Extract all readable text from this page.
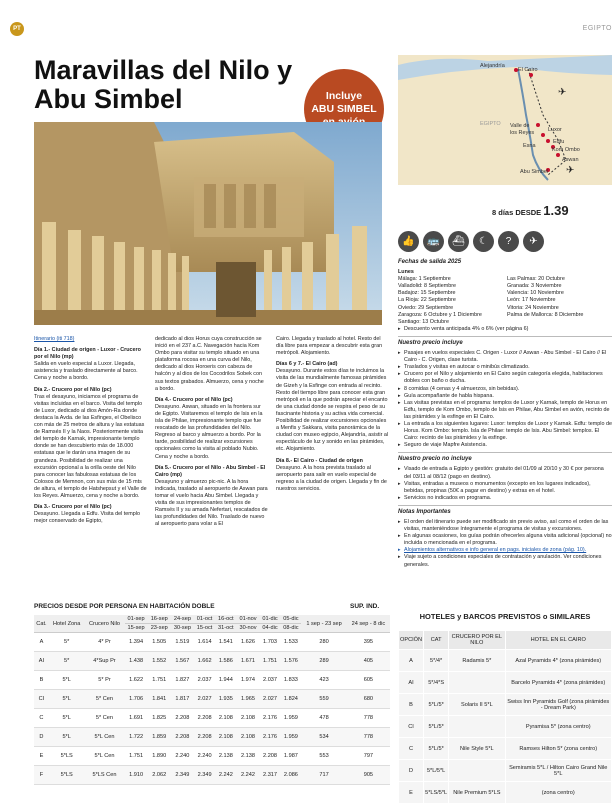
PT	EGIPTO
Maravillas del Nilo y Abu Simbel	Incluye
ABU SIMBEL
Alejandría
El Cairo
Valle de
los Reyes
Esna
Luxor
Edfu
Kom Ombo
Aswan
Abu Simbel
EGIPTO
✈
✈
8 días DESDE 1.39
👍	🚌	⛴	☾	?	✈

Itinerario (iti 718)

Día 1.- Ciudad de origen - Luxor - Crucero por el Nilo (mp)
Salida en vuelo especial a Luxor. Llegada, asistencia y traslado directamente al barco. Cena y noche a bordo.

Día 2.- Crucero por el Nilo (pc)
Tras el desayuno, iniciamos el programa de visitas incluidas en el barco. Visita del templo de Luxor, dedicado al dios Amón-Ra donde destaca la Avda. de las Esfinges, el Obelisco con más de 25 metros de altura y las estatuas de Ramsés II y la Naos. Posteriormente visita del templo de Karnak, impresionante templo donde se han descubierto más de 18.000 estatuas que le darán una imagen de su grandeza. Posibilidad de realizar una excursión opcional a la orilla oeste del Nilo para conocer las fabulosas estatuas de los Colosos de Memnon, con sus más de 15 mts de altura, el templo de Hatshepsut y el Valle de los Reyes. Almuerzo, cena y noche a bordo.

Día 3.- Crucero por el Nilo (pc)
Desayuno. Llegada a Edfu. Visita del templo mejor conservado de Egipto,

dedicado al dios Horus cuya construcción se inició en el 237 a.C. Navegación hacia Kom Ombo para visitar su templo situado en una plataforma rocosa en una curva del Nilo, dedicado al dios Horoeris con cabeza de halcón y al dios de los Cocodrilos Sobek con sus textos grabados. Almuerzo, cena y noche a bordo.

Día 4.- Crucero por el Nilo (pc)
Desayuno. Aswan, situado en la frontera sur de Egipto. Visitaremos el templo de Isis en la isla de Philae, impresionante templo que fue rescatado de las profundidades del Nilo. Regreso al barco y almuerzo a bordo. Por la tarde, posibilidad de realizar excursiones opcionales como la visita al poblado Nubio. Cena y noche a bordo.

Día 5.- Crucero por el Nilo - Abu Simbel - El Cairo (mp)
Desayuno y almuerzo pic-nic. A la hora indicada, traslado al aeropuerto de Aswan para tomar el vuelo hacia Abu Simbel. Llegada y visita de sus impresionantes templos de Ramsés II y su amada Nefertari, rescatados de las profundidades del Nilo. Traslado de nuevo al aeropuerto para volar a El

Cairo. Llegada y traslado al hotel. Resto del día libre para empezar a descubrir esta gran metrópoli. Alojamiento.

Días 6 y 7.- El Cairo (ad)
Desayuno. Durante estos días te incluimos la visita de las mundialmente famosas pirámides de Gizeh y la Esfinge con entrada al recinto. Resto del tiempo libre para conocer esta gran metrópoli en la que podrán apreciar el encanto de una ciudad donde se respira el peso de su fascinante historia y su activa vida comercial. Posibilidad de realizar excursiones opcionales a Menfis y Sakkara, visita panorámica de la ciudad con museo egipcio, Alejandría, asistir al espectáculo de luz y sonido en las pirámides, etc. Alojamiento.

Día 8.- El Cairo - Ciudad de origen
Desayuno. A la hora prevista traslado al aeropuerto para salir en vuelo especial de regreso a la ciudad de origen. Llegada y fin de nuestros servicios.

Fechas de salida 2025
Lunes
Málaga: 1 Septiembre	Las Palmas: 20 Octubre
Valladolid: 8 Septiembre	Granada: 3 Noviembre
Badajoz: 15 Septiembre	Valencia: 10 Noviembre
La Rioja: 22 Septiembre	León: 17 Noviembre
Oviedo: 29 Septiembre	Vitoria: 24 Noviembre
Zaragoza: 6 Octubre y 1 Diciembre	Palma de Mallorca: 8 Diciembre
Santiago: 13 Octubre
▸ Descuento venta anticipada 4% o 6% (ver página 6)
Nuestro precio incluye
▸ Pasajes en vuelos especiales C. Origen - Luxor // Aswan - Abu Simbel - El Cairo // El Cairo - C. Origen, clase turista.
▸ Traslados y visitas en autocar o minibús climatizado.
▸ Crucero por el Nilo y alojamiento en El Cairo según categoría elegida, habitaciones dobles con baño o ducha.
▸ 8 comidas (4 cenas y 4 almuerzos, sin bebidas).
▸ Guía acompañante de habla hispana.
▸ Las visitas previstas en el programa: templos de Luxor y Karnak, templo de Horus en Edfu, templo de Kom Ombo, templo de Isis en Philae, Abu Simbel en avión, recinto de las pirámides y la esfinge en El Cairo.
▸ La entrada a los siguientes lugares: Luxor: templos de Luxor y Karnak. Edfu: templo de Horus. Kom Ombo: templo. Isla de Philae: templo de Isis. Abu Simbel: templos. El Cairo: recinto de las pirámides y la esfinge.
▸ Seguro de viaje Mapfre Asistencia.
Nuestro precio no incluye
▸ Visado de entrada a Egipto y gestión: gratuito del 01/09 al 20/10 y 30 € por persona del 03/11 al 08/12 (pago en destino).
▸ Visitas, entradas a museos o monumentos (excepto en los lugares indicados), bebidas, propinas (50€ a pagar en destino) y extras en el hotel.
▸ Servicios no indicados en programa.
Notas Importantes
▸ El orden del itinerario puede ser modificado sin previo aviso, así como el orden de las visitas, manteniéndose íntegramente el programa de visitas y excursiones.
▸ En algunas ocasiones, los guías podrán ofrecerles alguna visita adicional (opcional) no incluida o mencionada en el programa.
▸ Alojamientos alternativos e info general en pags. iniciales de zona (pág. 10).
▸ Viaje sujeto a condiciones especiales de contratación y anulación. Ver condiciones generales.
PRECIOS DESDE POR PERSONA EN HABITACIÓN DOBLE	SUP. IND.
Cat.	Hotel Zona	Crucero Nilo	01-sep	16-sep	24-sep	01-oct	16-oct	01-nov	01-dic	05-dic	1 sep - 23 sep	24 sep - 8 dic
			15-sep	23-sep	30-sep	15-oct	31-oct	30-nov	04-dic	08-dic		
A	5*	4* Pr	1.394	1.505	1.519	1.614	1.541	1.626	1.703	1.533	280	395
AI	5*	4*Sup Pr	1.438	1.552	1.567	1.662	1.586	1.671	1.751	1.576	289	405
B	5*L	5* Pr	1.622	1.751	1.827	2.037	1.944	1.974	2.037	1.833	423	605
CI	5*L	5* Cen	1.706	1.841	1.817	2.027	1.935	1.965	2.027	1.824	559	680
C	5*L	5* Cen	1.691	1.825	2.208	2.208	2.108	2.108	2.176	1.959	478	778
D	5*L	5*L Cen	1.722	1.859	2.208	2.208	2.108	2.108	2.176	1.959	534	778
E	5*LS	5*L Cen	1.751	1.890	2.240	2.240	2.138	2.138	2.208	1.987	553	797
F	5*LS	5*LS Cen	1.910	2.062	2.349	2.349	2.242	2.242	2.317	2.086	717	905
HOTELES y BARCOS PREVISTOS o SIMILARES
OPCIÓN	CAT	CRUCERO POR EL NILO	HOTEL EN EL CAIRO
A	5*/4*	Radamis 5*	Azal Pyramids 4* (zona pirámides)
AI	5*/4*S		Barcelo Pyramids 4* (zona pirámides)
B	5*L/5*	Solaris II 5*L	Swiss Inn Pyramids Golf (zona pirámides - Dream Park)
CI	5*L/5*		Pyramisa 5* (zona centro)
C	5*L/5*	Nile Style 5*L	Ramses Hilton 5* (zona centro)
D	5*L/5*L		Semiramis 5*L / Hilton Cairo Grand Nile 5*L
E	5*LS/5*L	Nile Premium 5*LS	(zona centro)
